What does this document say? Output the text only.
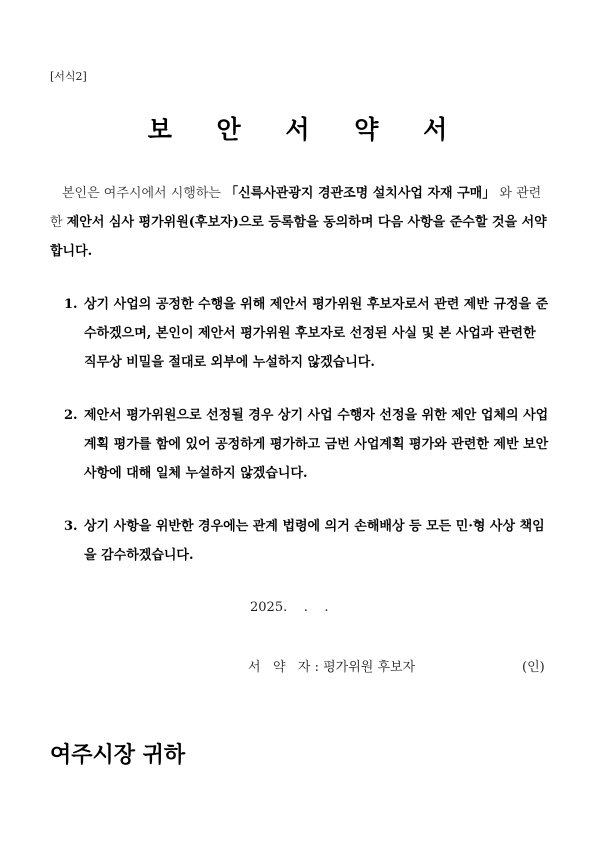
[서식2]
보 안 서 약 서
본인은 여주시에서 시행하는 「신륵사관광지 경관조명 설치사업 자재 구매」 와 관련한 제안서 심사 평가위원(후보자)으로 등록함을 동의하며 다음 사항을 준수할 것을 서약합니다.
1. 상기 사업의 공정한 수행을 위해 제안서 평가위원 후보자로서 관련 제반 규정을 준수하겠으며, 본인이 제안서 평가위원 후보자로 선정된 사실 및 본 사업과 관련한 직무상 비밀을 절대로 외부에 누설하지 않겠습니다.
2. 제안서 평가위원으로 선정될 경우 상기 사업 수행자 선정을 위한 제안 업체의 사업계획 평가를 함에 있어 공정하게 평가하고 금번 사업계획 평가와 관련한 제반 보안사항에 대해 일체 누설하지 않겠습니다.
3. 상기 사항을 위반한 경우에는 관계 법령에 의거 손해배상 등 모든 민·형 사상 책임을 감수하겠습니다.
2025.    .    .
서   약   자 : 평가위원 후보자	(인)
여주시장 귀하
